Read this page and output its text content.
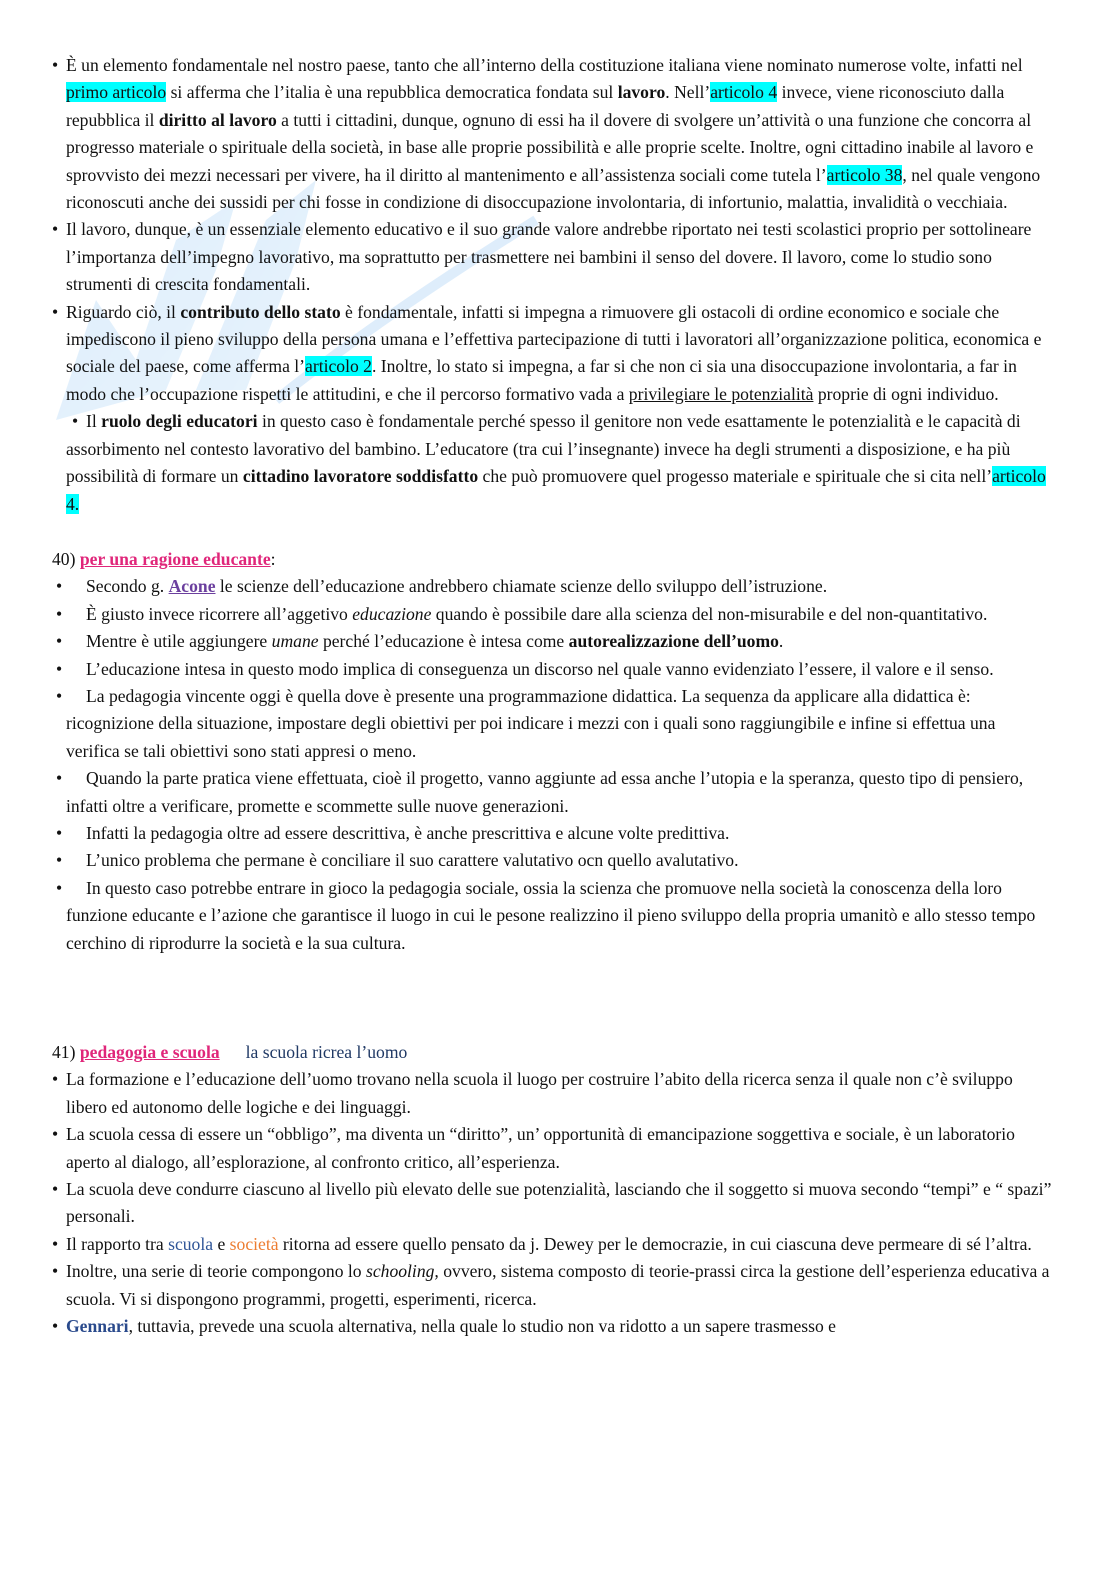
• È un elemento fondamentale nel nostro paese, tanto che all’interno della costituzione italiana viene nominato numerose volte, infatti nel primo articolo si afferma che l’italia è una repubblica democratica fondata sul lavoro. Nell’articolo 4 invece, viene riconosciuto dalla repubblica il diritto al lavoro a tutti i cittadini, dunque, ognuno di essi ha il dovere di svolgere un’attività o una funzione che concorra al progresso materiale o spirituale della società, in base alle proprie possibilità e alle proprie scelte. Inoltre, ogni cittadino inabile al lavoro e sprovvisto dei mezzi necessari per vivere, ha il diritto al mantenimento e all’assistenza sociali come tutela l’articolo 38, nel quale vengono riconoscuti anche dei sussidi per chi fosse in condizione di disoccupazione involontaria, di infortunio, malattia, invalidità o vecchiaia.
• Il lavoro, dunque, è un essenziale elemento educativo e il suo grande valore andrebbe riportato nei testi scolastici proprio per sottolineare l’importanza dell’impegno lavorativo, ma soprattutto per trasmettere nei bambini il senso del dovere. Il lavoro, come lo studio sono strumenti di crescita fondamentali.
• Riguardo ciò, il contributo dello stato è fondamentale, infatti si impegna a rimuovere gli ostacoli di ordine economico e sociale che impediscono il pieno sviluppo della persona umana e l’effettiva partecipazione di tutti i lavoratori all’organizzazione politica, economica e sociale del paese, come afferma l’articolo 2. Inoltre, lo stato si impegna, a far si che non ci sia una disoccupazione involontaria, a far in modo che l’occupazione rispetti le attitudini, e che il percorso formativo vada a privilegiare le potenzialità proprie di ogni individuo.
• Il ruolo degli educatori in questo caso è fondamentale perché spesso il genitore non vede esattamente le potenzialità e le capacità di assorbimento nel contesto lavorativo del bambino. L’educatore (tra cui l’insegnante) invece ha degli strumenti a disposizione, e ha più possibilità di formare un cittadino lavoratore soddisfatto che può promuovere quel progesso materiale e spirituale che si cita nell’articolo 4.

40) per una ragione educante:

• Secondo g. Acone le scienze dell’educazione andrebbero chiamate scienze dello sviluppo dell’istruzione.
• È giusto invece ricorrere all’aggetivo educazione quando è possibile dare alla scienza del non-misurabile e del non-quantitativo.
• Mentre è utile aggiungere umane perché l’educazione è intesa come autorealizzazione dell’uomo.
• L’educazione intesa in questo modo implica di conseguenza un discorso nel quale vanno evidenziato l’essere, il valore e il senso.
• La pedagogia vincente oggi è quella dove è presente una programmazione didattica. La sequenza da applicare alla didattica è: ricognizione della situazione, impostare degli obiettivi per poi indicare i mezzi con i quali sono raggiungibile e infine si effettua una verifica se tali obiettivi sono stati appresi o meno.
• Quando la parte pratica viene effettuata, cioè il progetto, vanno aggiunte ad essa anche l’utopia e la speranza, questo tipo di pensiero, infatti oltre a verificare, promette e scommette sulle nuove generazioni.
• Infatti la pedagogia oltre ad essere descrittiva, è anche prescrittiva e alcune volte predittiva.
• L’unico problema che permane è conciliare il suo carattere valutativo ocn quello avalutativo.
• In questo caso potrebbe entrare in gioco la pedagogia sociale, ossia la scienza che promuove nella società la conoscenza della loro funzione educante e l’azione che garantisce il luogo in cui le pesone realizzino il pieno sviluppo della propria umanitò e allo stesso tempo cerchino di riprodurre la società e la sua cultura.

41) pedagogia e scuola la scuola ricrea l’uomo

• La formazione e l’educazione dell’uomo trovano nella scuola il luogo per costruire l’abito della ricerca senza il quale non c’è sviluppo libero ed autonomo delle logiche e dei linguaggi.
• La scuola cessa di essere un “obbligo”, ma diventa un “diritto”, un’ opportunità di emancipazione soggettiva e sociale, è un laboratorio aperto al dialogo, all’esplorazione, al confronto critico, all’esperienza.
• La scuola deve condurre ciascuno al livello più elevato delle sue potenzialità, lasciando che il soggetto si muova secondo “tempi” e “ spazi” personali.
• Il rapporto tra scuola e società ritorna ad essere quello pensato da j. Dewey per le democrazie, in cui ciascuna deve permeare di sé l’altra.
• Inoltre, una serie di teorie compongono lo schooling, ovvero, sistema composto di teorie-prassi circa la gestione dell’esperienza educativa a scuola. Vi si dispongono programmi, progetti, esperimenti, ricerca.
• Gennari, tuttavia, prevede una scuola alternativa, nella quale lo studio non va ridotto a un sapere trasmesso e
